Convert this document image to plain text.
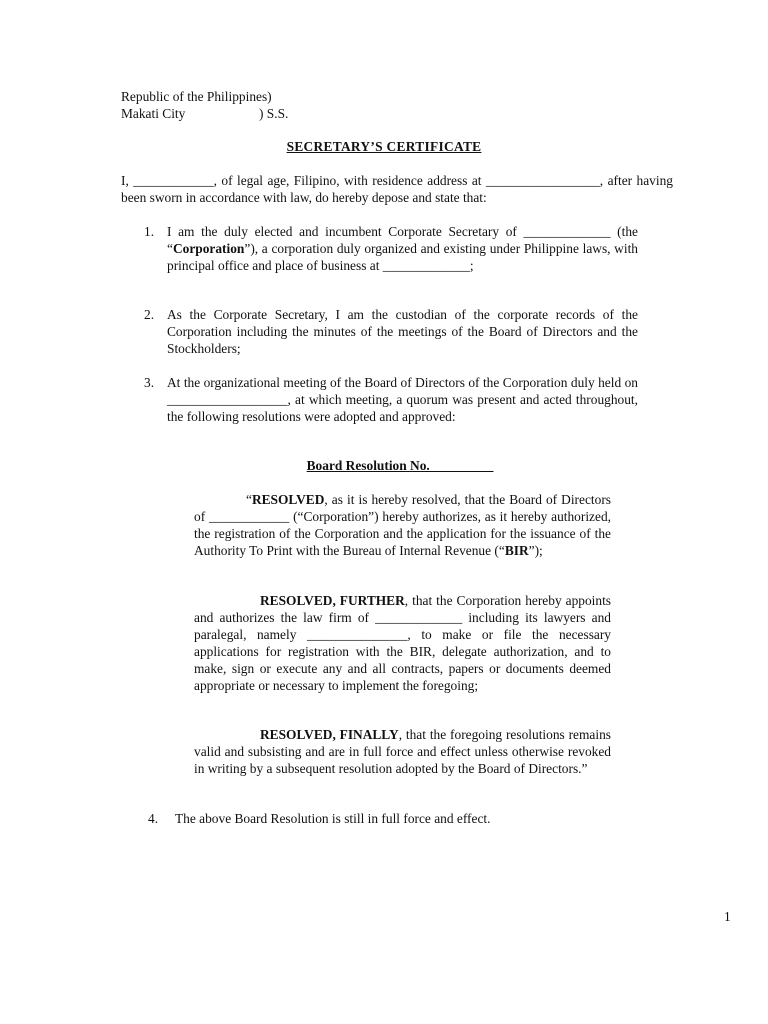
Republic of the Philippines)
Makati City                      ) S.S.
SECRETARY’S CERTIFICATE
I, ____________, of legal age, Filipino, with residence address at _________________, after having been sworn in accordance with law, do hereby depose and state that:
1. I am the duly elected and incumbent Corporate Secretary of _____________ (the “Corporation”), a corporation duly organized and existing under Philippine laws, with principal office and place of business at _____________;
2. As the Corporate Secretary, I am the custodian of the corporate records of the Corporation including the minutes of the meetings of the Board of Directors and the Stockholders;
3. At the organizational meeting of the Board of Directors of the Corporation duly held on __________________, at which meeting, a quorum was present and acted throughout, the following resolutions were adopted and approved:
Board Resolution No. _________
“RESOLVED, as it is hereby resolved, that the Board of Directors of ____________ (“Corporation”) hereby authorizes, as it hereby authorized, the registration of the Corporation and the application for the issuance of the Authority To Print with the Bureau of Internal Revenue (“BIR”);
RESOLVED, FURTHER, that the Corporation hereby appoints and authorizes the law firm of _____________ including its lawyers and paralegal, namely _______________, to make or file the necessary applications for registration with the BIR, delegate authorization, and to make, sign or execute any and all contracts, papers or documents deemed appropriate or necessary to implement the foregoing;
RESOLVED, FINALLY, that the foregoing resolutions remains valid and subsisting and are in full force and effect unless otherwise revoked in writing by a subsequent resolution adopted by the Board of Directors.”
4. The above Board Resolution is still in full force and effect.
1
